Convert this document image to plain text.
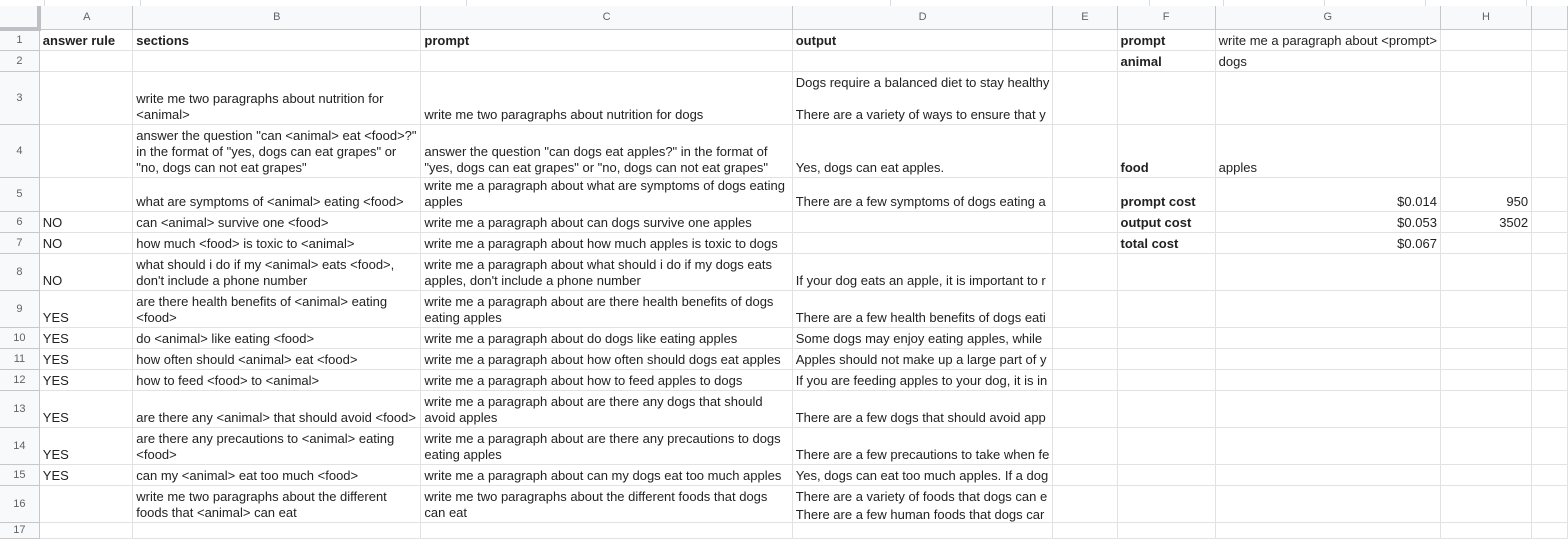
	A	B	C	D	E	F	G	H	
1	answer rule	sections	prompt	output		prompt	write me a paragraph about <prompt>		

2						animal	dogs		

3		write me two paragraphs about nutrition for <animal>	write me two paragraphs about nutrition for dogs	Dogs require a balanced diet to stay healthy
There are a variety of ways to ensure that y					

4		answer the question "can <animal> eat <food>?" in the format of "yes, dogs can eat grapes" or "no, dogs can not eat grapes"	answer the question "can dogs eat apples?" in the format of "yes, dogs can eat grapes" or "no, dogs can not eat grapes"	Yes, dogs can eat apples.		food	apples		

5		what are symptoms of <animal> eating <food>	write me a paragraph about what are symptoms of dogs eating apples	There are a few symptoms of dogs eating a		prompt cost	$0.014	950	

6	NO	can <animal> survive one <food>	write me a paragraph about can dogs survive one apples			output cost	$0.053	3502	

7	NO	how much <food> is toxic to <animal>	write me a paragraph about how much apples is toxic to dogs			total cost	$0.067		

8	NO	what should i do if my <animal> eats <food>, don't include a phone number	write me a paragraph about what should i do if my dogs eats apples, don't include a phone number	If your dog eats an apple, it is important to r					

9	YES	are there health benefits of <animal> eating <food>	write me a paragraph about are there health benefits of dogs eating apples	There are a few health benefits of dogs eati					

10	YES	do <animal> like eating <food>	write me a paragraph about do dogs like eating apples	Some dogs may enjoy eating apples, while					

11	YES	how often should <animal> eat <food>	write me a paragraph about how often should dogs eat apples	Apples should not make up a large part of y					

12	YES	how to feed <food> to <animal>	write me a paragraph about how to feed apples to dogs	If you are feeding apples to your dog, it is in					

13	YES	are there any <animal> that should avoid <food>	write me a paragraph about are there any dogs that should avoid apples	There are a few dogs that should avoid app					

14	YES	are there any precautions to <animal> eating <food>	write me a paragraph about are there any precautions to dogs eating apples	There are a few precautions to take when fe					

15	YES	can my <animal> eat too much <food>	write me a paragraph about can my dogs eat too much apples	Yes, dogs can eat too much apples. If a dog					

16		write me two paragraphs about the different foods that <animal> can eat	write me two paragraphs about the different foods that dogs can eat	There are a variety of foods that dogs can e
There are a few human foods that dogs car					

17									
